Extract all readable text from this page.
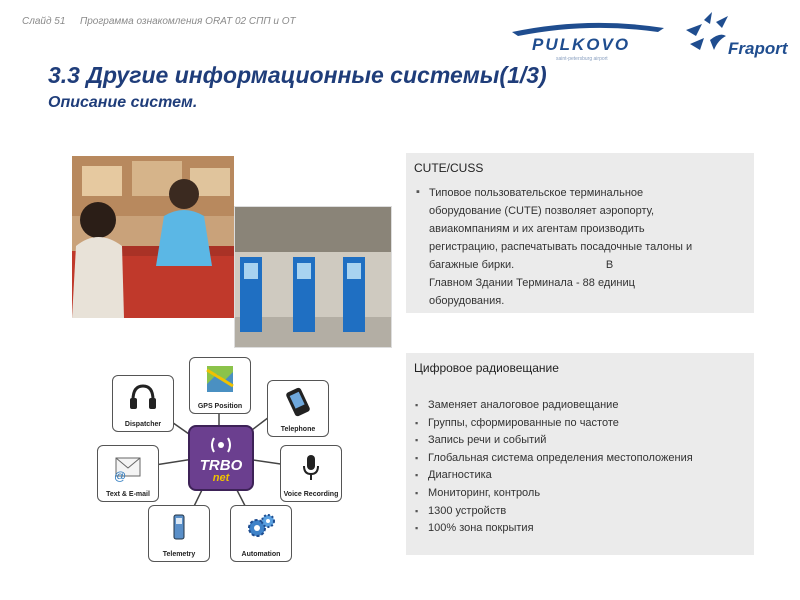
Слайд 51 Программа ознакомления ORAT 02 СПП и ОТ
PULKOVO
saint-petersburg airport
Fraport
3.3 Другие информационные системы(1/3)
Описание систем.
CUTE/CUSS
▪ Типовое пользовательское терминальное
оборудование (CUTE) позволяет аэропорту,
авиакомпаниям и их агентам производить
регистрацию, распечатывать посадочные талоны и
багажные бирки.                              В
Главном Здании Терминала - 88 единиц
оборудования.
Цифровое радиовещание
▪ Заменяет аналоговое радиовещание
▪ Группы, сформированные по частоте
▪ Запись речи и событий
▪ Глобальная система определения местоположения
▪ Диагностика
▪ Мониторинг, контроль
▪ 1300 устройств
▪ 100% зона покрытия
GPS Position
Dispatcher
Telephone
@
Text & E-mail	Voice Recording
Telemetry	Automation
TRBO
net
